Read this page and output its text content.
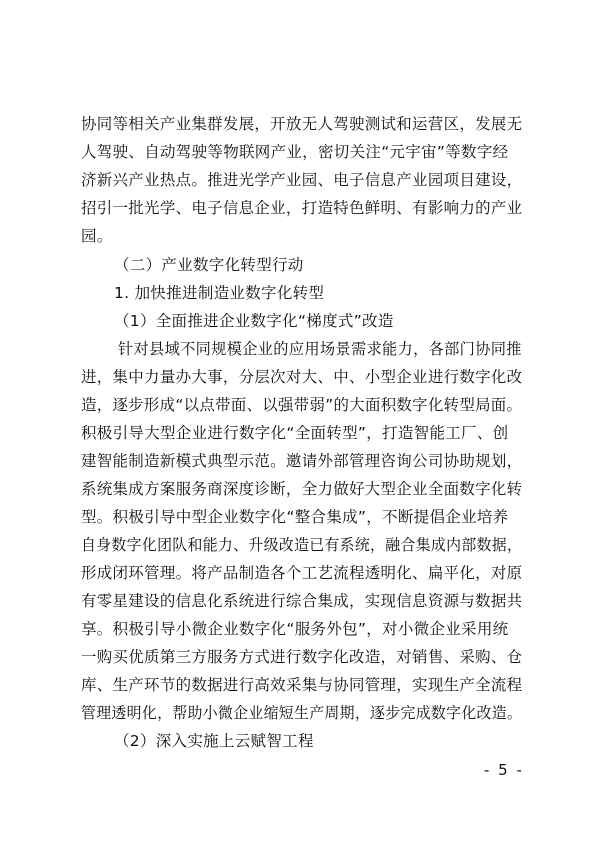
协同等相关产业集群发展，开放无人驾驶测试和运营区，发展无
人驾驶、自动驾驶等物联网产业，密切关注“元宇宙”等数字经
济新兴产业热点。推进光学产业园、电子信息产业园项目建设，
招引一批光学、电子信息企业，打造特色鲜明、有影响力的产业
园。
（二）产业数字化转型行动
1. 加快推进制造业数字化转型
（1）全面推进企业数字化“梯度式”改造
针对县域不同规模企业的应用场景需求能力，各部门协同推
进，集中力量办大事，分层次对大、中、小型企业进行数字化改
造，逐步形成“以点带面、以强带弱”的大面积数字化转型局面。
积极引导大型企业进行数字化“全面转型”，打造智能工厂、创
建智能制造新模式典型示范。邀请外部管理咨询公司协助规划，
系统集成方案服务商深度诊断，全力做好大型企业全面数字化转
型。积极引导中型企业数字化“整合集成”，不断提倡企业培养
自身数字化团队和能力、升级改造已有系统，融合集成内部数据，
形成闭环管理。将产品制造各个工艺流程透明化、扁平化，对原
有零星建设的信息化系统进行综合集成，实现信息资源与数据共
享。积极引导小微企业数字化“服务外包”，对小微企业采用统
一购买优质第三方服务方式进行数字化改造，对销售、采购、仓
库、生产环节的数据进行高效采集与协同管理，实现生产全流程
管理透明化，帮助小微企业缩短生产周期，逐步完成数字化改造。
（2）深入实施上云赋智工程
- 5 -
